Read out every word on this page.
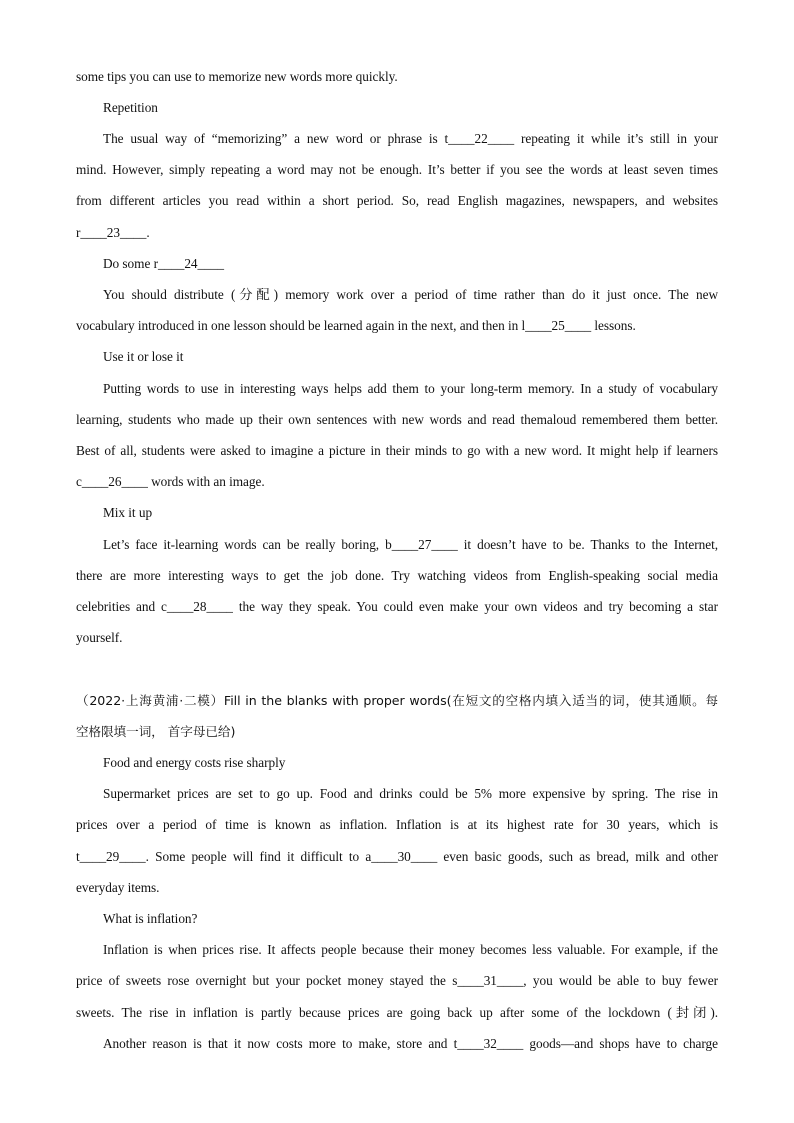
some tips you can use to memorize new words more quickly.
Repetition
The usual way of “memorizing” a new word or phrase is t____22____ repeating it while it’s still in your
mind. However, simply repeating a word may not be enough. It’s better if you see the words at least seven times
from different articles you read within a short period. So, read English magazines, newspapers, and websites
r____23____.
Do some r____24____
You should distribute (分配) memory work over a period of time rather than do it just once. The new
vocabulary introduced in one lesson should be learned again in the next, and then in l____25____ lessons.
Use it or lose it
Putting words to use in interesting ways helps add them to your long-term memory. In a study of vocabulary
learning, students who made up their own sentences with new words and read themaloud remembered them better.
Best of all, students were asked to imagine a picture in their minds to go with a new word. It might help if learners
c____26____ words with an image.
Mix it up
Let’s face it-learning words can be really boring, b____27____ it doesn’t have to be. Thanks to the Internet,
there are more interesting ways to get the job done. Try watching videos from English-speaking social media
celebrities and c____28____ the way they speak. You could even make your own videos and try becoming a star
yourself.
（2022·上海黄浦·二模）Fill in the blanks with proper words(在短文的空格内填入适当的词，使其通顺。每
空格限填一词， 首字母已给)
Food and energy costs rise sharply
Supermarket prices are set to go up. Food and drinks could be 5% more expensive by spring. The rise in
prices over a period of time is known as inflation. Inflation is at its highest rate for 30 years, which is
t____29____. Some people will find it difficult to a____30____ even basic goods, such as bread, milk and other
everyday items.
What is inflation?
Inflation is when prices rise. It affects people because their money becomes less valuable. For example, if the
price of sweets rose overnight but your pocket money stayed the s____31____, you would be able to buy fewer
sweets. The rise in inflation is partly because prices are going back up after some of the lockdown (封闭).
Another reason is that it now costs more to make, store and t____32____ goods—and shops have to charge
